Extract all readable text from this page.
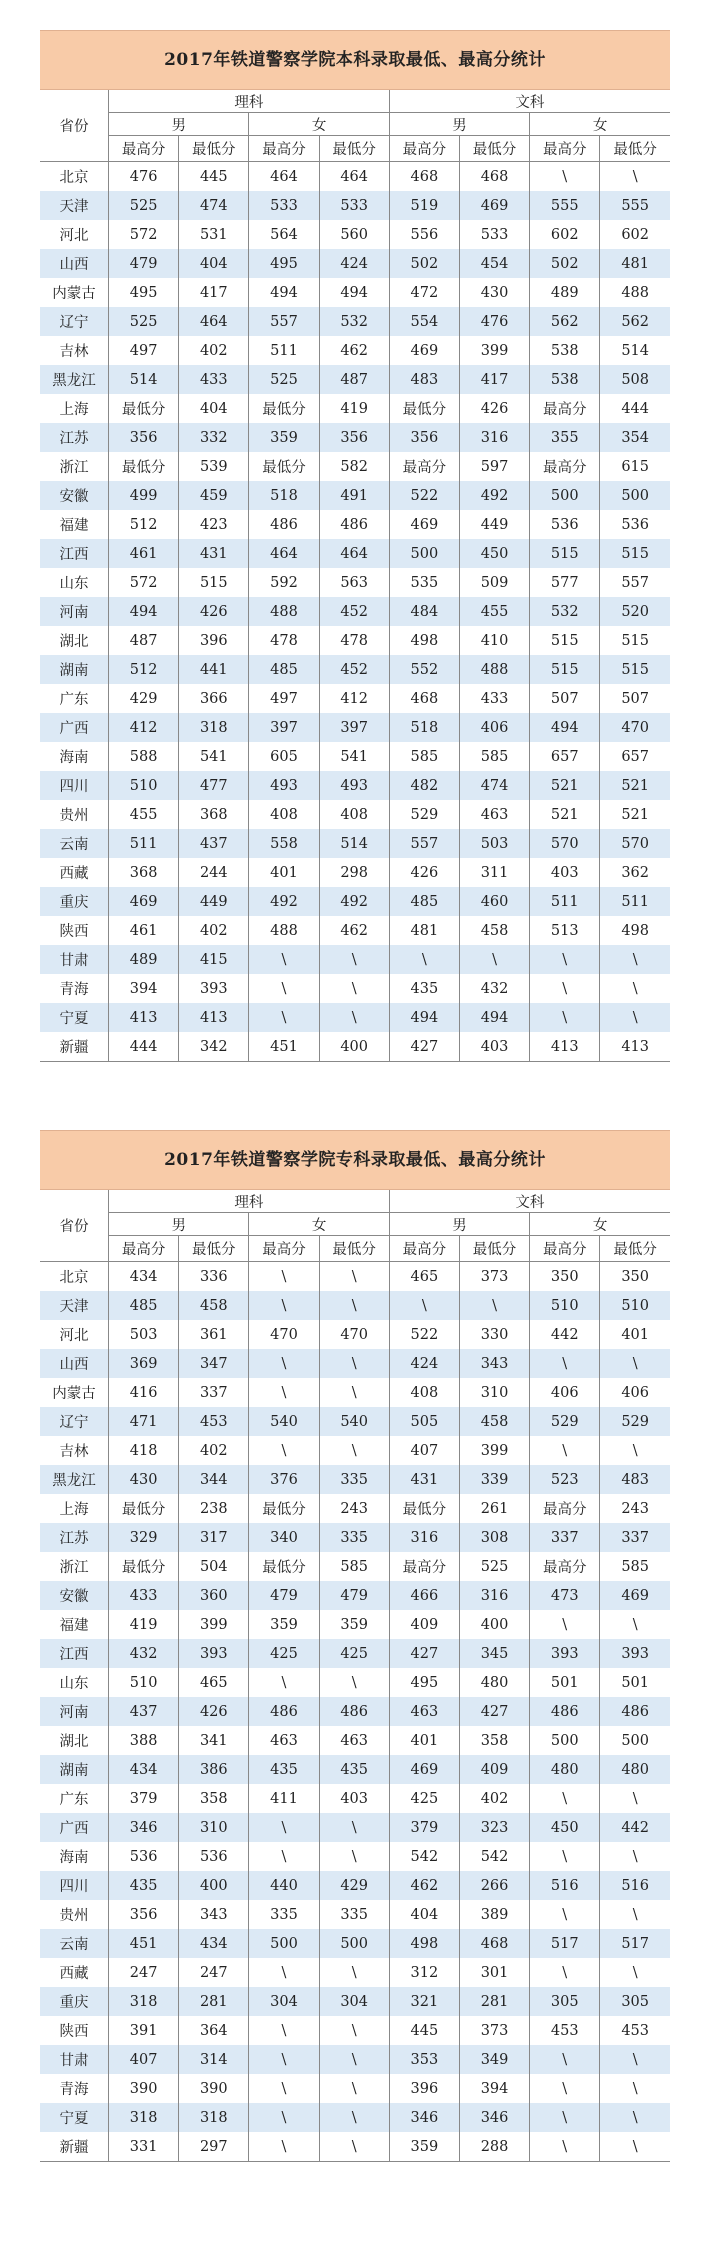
2017年铁道警察学院本科录取最低、最高分统计
省份	理科				文科			
	男		女		男		女	
	最高分	最低分	最高分	最低分	最高分	最低分	最高分	最低分
北京	476	445	464	464	468	468	\	\
天津	525	474	533	533	519	469	555	555
河北	572	531	564	560	556	533	602	602
山西	479	404	495	424	502	454	502	481
内蒙古	495	417	494	494	472	430	489	488
辽宁	525	464	557	532	554	476	562	562
吉林	497	402	511	462	469	399	538	514
黑龙江	514	433	525	487	483	417	538	508
上海	最低分	404	最低分	419	最低分	426	最高分	444
江苏	356	332	359	356	356	316	355	354
浙江	最低分	539	最低分	582	最高分	597	最高分	615
安徽	499	459	518	491	522	492	500	500
福建	512	423	486	486	469	449	536	536
江西	461	431	464	464	500	450	515	515
山东	572	515	592	563	535	509	577	557
河南	494	426	488	452	484	455	532	520
湖北	487	396	478	478	498	410	515	515
湖南	512	441	485	452	552	488	515	515
广东	429	366	497	412	468	433	507	507
广西	412	318	397	397	518	406	494	470
海南	588	541	605	541	585	585	657	657
四川	510	477	493	493	482	474	521	521
贵州	455	368	408	408	529	463	521	521
云南	511	437	558	514	557	503	570	570
西藏	368	244	401	298	426	311	403	362
重庆	469	449	492	492	485	460	511	511
陕西	461	402	488	462	481	458	513	498
甘肃	489	415	\	\	\	\	\	\
青海	394	393	\	\	435	432	\	\
宁夏	413	413	\	\	494	494	\	\
新疆	444	342	451	400	427	403	413	413
2017年铁道警察学院专科录取最低、最高分统计
省份	理科				文科			
	男		女		男		女	
	最高分	最低分	最高分	最低分	最高分	最低分	最高分	最低分
北京	434	336	\	\	465	373	350	350
天津	485	458	\	\	\	\	510	510
河北	503	361	470	470	522	330	442	401
山西	369	347	\	\	424	343	\	\
内蒙古	416	337	\	\	408	310	406	406
辽宁	471	453	540	540	505	458	529	529
吉林	418	402	\	\	407	399	\	\
黑龙江	430	344	376	335	431	339	523	483
上海	最低分	238	最低分	243	最低分	261	最高分	243
江苏	329	317	340	335	316	308	337	337
浙江	最低分	504	最低分	585	最高分	525	最高分	585
安徽	433	360	479	479	466	316	473	469
福建	419	399	359	359	409	400	\	\
江西	432	393	425	425	427	345	393	393
山东	510	465	\	\	495	480	501	501
河南	437	426	486	486	463	427	486	486
湖北	388	341	463	463	401	358	500	500
湖南	434	386	435	435	469	409	480	480
广东	379	358	411	403	425	402	\	\
广西	346	310	\	\	379	323	450	442
海南	536	536	\	\	542	542	\	\
四川	435	400	440	429	462	266	516	516
贵州	356	343	335	335	404	389	\	\
云南	451	434	500	500	498	468	517	517
西藏	247	247	\	\	312	301	\	\
重庆	318	281	304	304	321	281	305	305
陕西	391	364	\	\	445	373	453	453
甘肃	407	314	\	\	353	349	\	\
青海	390	390	\	\	396	394	\	\
宁夏	318	318	\	\	346	346	\	\
新疆	331	297	\	\	359	288	\	\
